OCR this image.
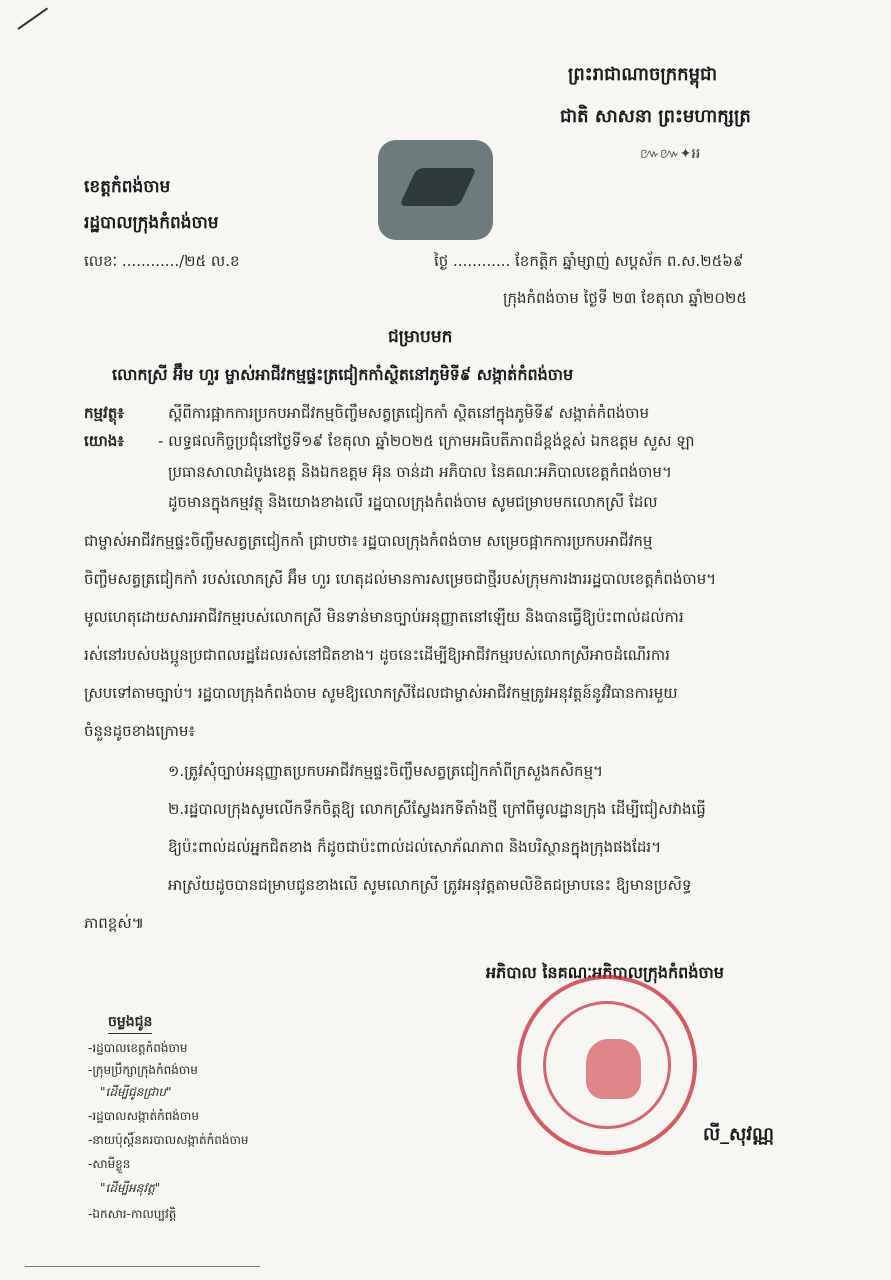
ព្រះរាជាណាចក្រកម្ពុជា
ជាតិ សាសនា ព្រះមហាក្សត្រ
៚៚✦៛៛
ខេត្តកំពង់ចាម
រដ្ឋបាលក្រុងកំពង់ចាម
លេខៈ ............/២៥ ល.ខ	ថ្ងៃ ............ ខែកត្តិក ឆ្នាំម្សាញ់ សប្តស័ក ព.ស.២៥៦៩
ក្រុងកំពង់ចាម ថ្ងៃទី ២៣ ខែតុលា ឆ្នាំ២០២៥
ជម្រាបមក
លោកស្រី អ៊ឹម ហួរ ម្ចាស់អាជីវកម្មផ្ទះត្រជៀកកាំស្ថិតនៅភូមិទី៩ សង្កាត់កំពង់ចាម
កម្មវត្ថុ៖	ស្តីពីការផ្អាកការប្រកបអាជីវកម្មចិញ្ចឹមសត្វត្រជៀកកាំ ស្ថិតនៅក្នុងភូមិទី៩ សង្កាត់កំពង់ចាម
យោង៖ - លទ្ធផលកិច្ចប្រជុំនៅថ្ងៃទី១៩ ខែតុលា ឆ្នាំ២០២៥ ក្រោមអធិបតីភាពដ៏ខ្ពង់ខ្ពស់ ឯកឧត្តម សួស ឡា
ប្រធានសាលាដំបូងខេត្ត និងឯកឧត្តម អ៊ុន ចាន់ដា អភិបាល នៃគណៈអភិបាលខេត្តកំពង់ចាម។
ដូចមានក្នុងកម្មវត្ថុ និងយោងខាងលើ រដ្ឋបាលក្រុងកំពង់ចាម សូមជម្រាបមកលោកស្រី ដែល
ជាម្ចាស់អាជីវកម្មផ្ទះចិញ្ចឹមសត្វត្រជៀកកាំ ជ្រាបថា៖ រដ្ឋបាលក្រុងកំពង់ចាម សម្រេចផ្អាកការប្រកបអាជីវកម្ម
ចិញ្ចឹមសត្វត្រជៀកកាំ របស់លោកស្រី អ៊ឹម ហួរ ហេតុដល់មានការសម្រេចជាថ្មីរបស់ក្រុមការងាររដ្ឋបាលខេត្តកំពង់ចាម។
មូលហេតុដោយសារអាជីវកម្មរបស់លោកស្រី មិនទាន់មានច្បាប់អនុញ្ញាតនៅឡើយ និងបានធ្វើឱ្យប៉ះពាល់ដល់ការ
រស់នៅរបស់បងប្អូនប្រជាពលរដ្ឋដែលរស់នៅជិតខាង។ ដូចនេះដើម្បីឱ្យអាជីវកម្មរបស់លោកស្រីអាចដំណើរការ
ស្របទៅតាមច្បាប់។ រដ្ឋបាលក្រុងកំពង់ចាម សូមឱ្យលោកស្រីដែលជាម្ចាស់អាជីវកម្មត្រូវអនុវត្តន៍នូវវិធានការមួយ
ចំនួនដូចខាងក្រោម៖
១.ត្រូវសុំច្បាប់អនុញ្ញាតប្រកបអាជីវកម្មផ្ទះចិញ្ចឹមសត្វត្រជៀកកាំពីក្រសួងកសិកម្ម។
២.រដ្ឋបាលក្រុងសូមលើកទឹកចិត្តឱ្យ លោកស្រីស្វែងរកទីតាំងថ្មី ក្រៅពីមូលដ្ឋានក្រុង ដើម្បីជៀសវាងធ្វើ
ឱ្យប៉ះពាល់ដល់អ្នកជិតខាង ក៏ដូចជាប៉ះពាល់ដល់សោភ័ណភាព និងបរិស្ថានក្នុងក្រុងផងដែរ។
អាស្រ័យដូចបានជម្រាបជូនខាងលើ សូមលោកស្រី ត្រូវអនុវត្តតាមលិខិតជម្រាបនេះ ឱ្យមានប្រសិទ្ធ
ភាពខ្ពស់៕
អភិបាល នៃគណៈអភិបាលក្រុងកំពង់ចាម
លី_សុវណ្ណ
ចម្លងជូន
-រដ្ឋបាលខេត្តកំពង់ចាម
-ក្រុមប្រឹក្សាក្រុងកំពង់ចាម
"ដើម្បីជូនជ្រាប"
-រដ្ឋបាលសង្កាត់កំពង់ចាម
-នាយប៉ុស្តិ៍នគរបាលសង្កាត់កំពង់ចាម
-សាមីខ្លួន
"ដើម្បីអនុវត្ត"
-ឯកសារ-កាលប្បវត្តិ
